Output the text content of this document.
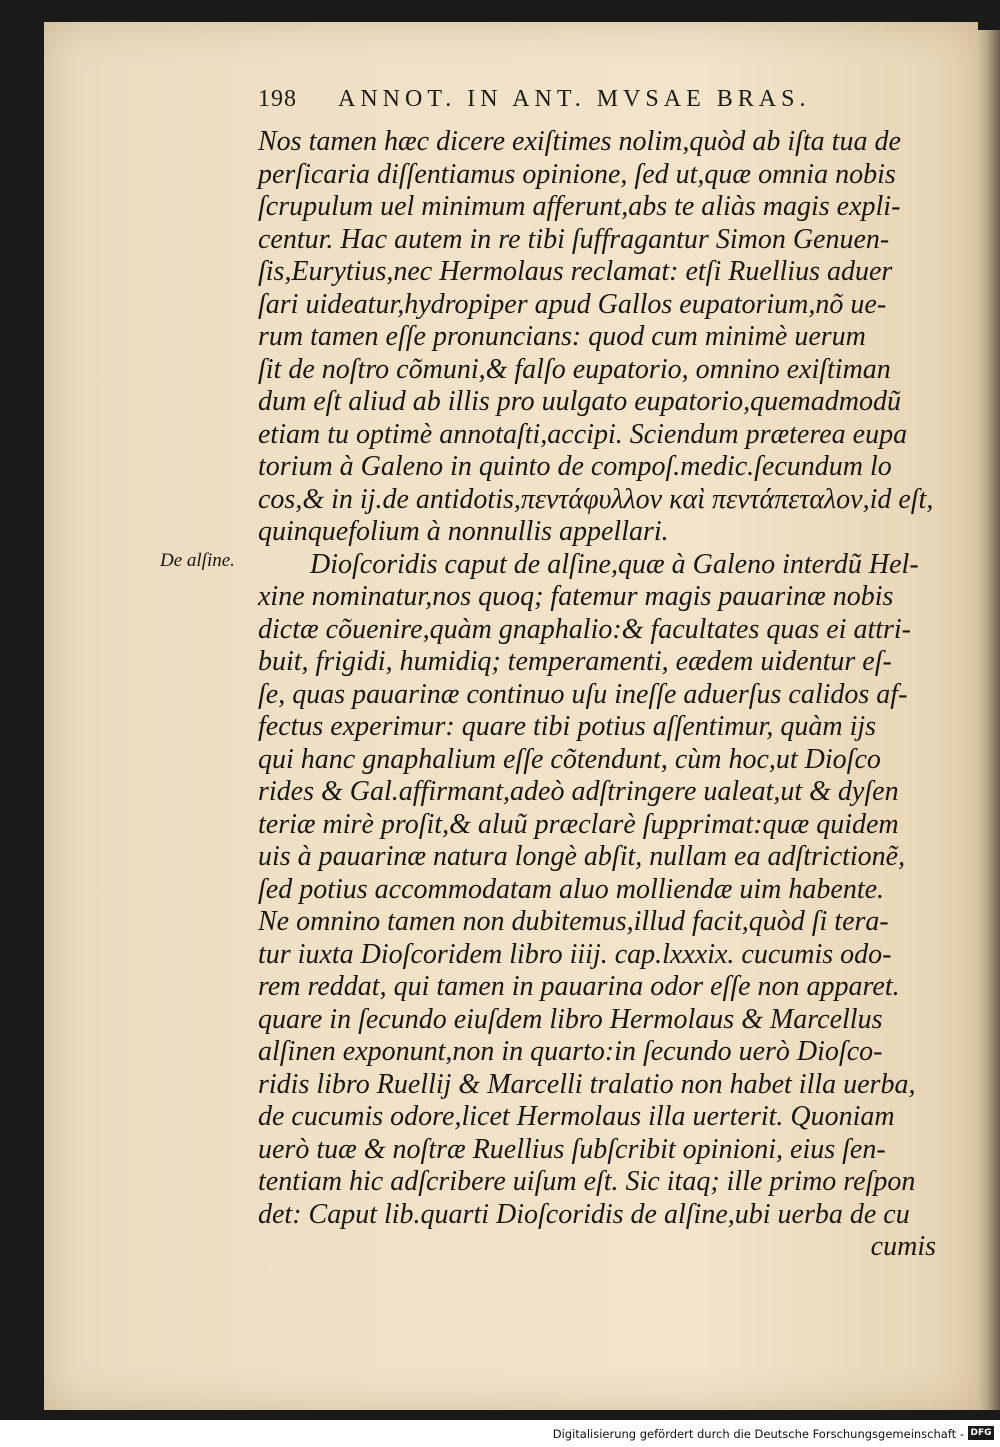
198 ANNOT. IN ANT. MVSAE BRAS.
De alſine.
Nos tamen hæc dicere exiſtimes nolim,quòd ab iſta tua de
perſicaria diſſentiamus opinione, ſed ut,quæ omnia nobis
ſcrupulum uel minimum afferunt,abs te aliàs magis expli-
centur. Hac autem in re tibi ſuffragantur Simon Genuen-
ſis,Eurytius,nec Hermolaus reclamat: etſi Ruellius aduer
ſari uideatur,hydropiper apud Gallos eupatorium,nõ ue-
rum tamen eſſe pronuncians: quod cum minimè uerum
ſit de noſtro cõmuni,& falſo eupatorio, omnino exiſtiman
dum eſt aliud ab illis pro uulgato eupatorio,quemadmodũ
etiam tu optimè annotaſti,accipi. Sciendum præterea eupa
torium à Galeno in quinto de compoſ.medic.ſecundum lo
cos,& in ij.de antidotis,πεντάφυλλον καὶ πεντάπεταλον,id eſt,
quinquefolium à nonnullis appellari.
Dioſcoridis caput de alſine,quæ à Galeno interdũ Hel-
xine nominatur,nos quoq; fatemur magis pauarinæ nobis
dictæ cõuenire,quàm gnaphalio:& facultates quas ei attri-
buit, frigidi, humidiq; temperamenti, eædem uidentur eſ-
ſe, quas pauarinæ continuo uſu ineſſe aduerſus calidos af-
fectus experimur: quare tibi potius aſſentimur, quàm ijs
qui hanc gnaphalium eſſe cõtendunt, cùm hoc,ut Dioſco
rides & Gal.affirmant,adeò adſtringere ualeat,ut & dyſen
teriæ mirè proſit,& aluũ præclarè ſupprimat:quæ quidem
uis à pauarinæ natura longè abſit, nullam ea adſtrictionẽ,
ſed potius accommodatam aluo molliendæ uim habente.
Ne omnino tamen non dubitemus,illud facit,quòd ſi tera-
tur iuxta Dioſcoridem libro iiij. cap.lxxxix. cucumis odo-
rem reddat, qui tamen in pauarina odor eſſe non apparet.
quare in ſecundo eiuſdem libro Hermolaus & Marcellus
alſinen exponunt,non in quarto:in ſecundo uerò Dioſco-
ridis libro Ruellij & Marcelli tralatio non habet illa uerba,
de cucumis odore,licet Hermolaus illa uerterit. Quoniam
uerò tuæ & noſtræ Ruellius ſubſcribit opinioni, eius ſen-
tentiam hic adſcribere uiſum eſt. Sic itaq; ille primo reſpon
det: Caput lib.quarti Dioſcoridis de alſine,ubi uerba de cu
cumis
Digitalisierung gefördert durch die Deutsche Forschungsgemeinschaft - DFG
